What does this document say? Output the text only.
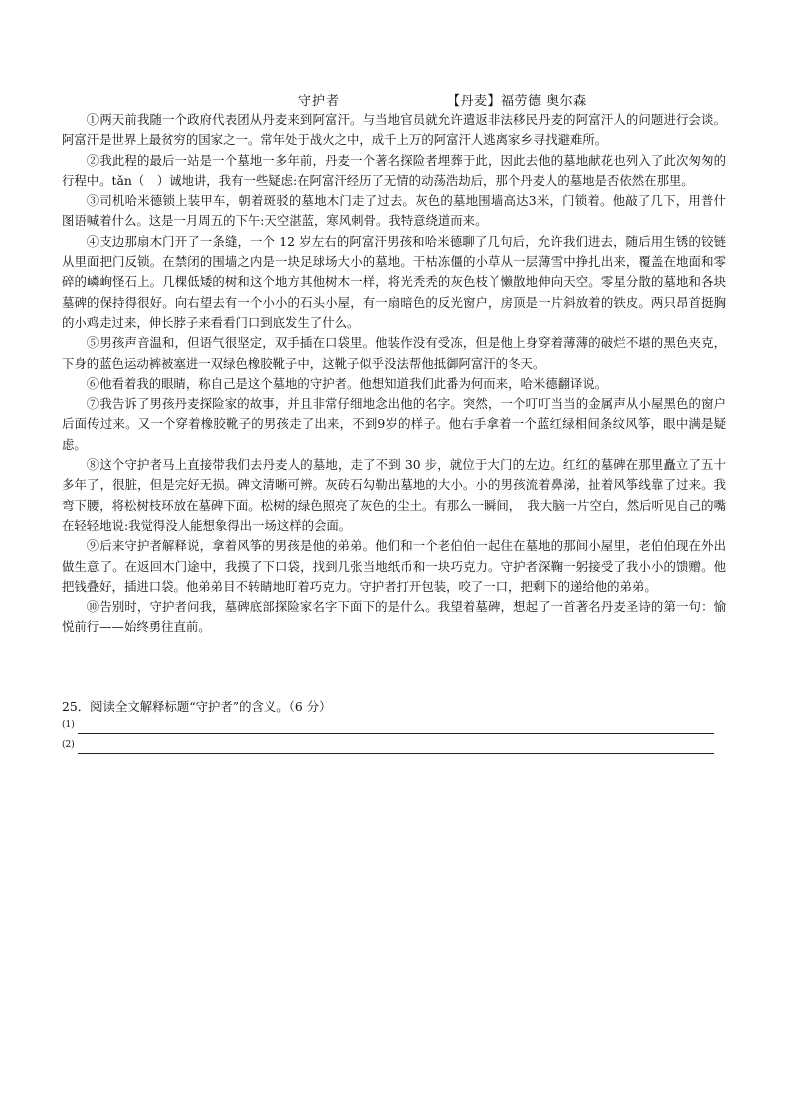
守护者	【丹麦】福劳德 奥尔森

①两天前我随一个政府代表团从丹麦来到阿富汗。与当地官员就允许遣返非法移民丹麦的阿富汗人的问题进行会谈。阿富汗是世界上最贫穷的国家之一。常年处于战火之中，成千上万的阿富汗人逃离家乡寻找避难所。

②我此程的最后一站是一个墓地一多年前，丹麦一个著名探险者埋葬于此，因此去他的墓地献花也列入了此次匆匆的行程中。tǎn（　）诚地讲，我有一些疑虑:在阿富汗经历了无情的动荡浩劫后，那个丹麦人的墓地是否依然在那里。

③司机哈米德锁上装甲车，朝着斑驳的墓地木门走了过去。灰色的墓地围墙高达3米，门锁着。他敲了几下，用普什图语喊着什么。这是一月周五的下午:天空湛蓝，寒风刺骨。我特意绕道而来。

④支边那扇木门开了一条缝，一个 12 岁左右的阿富汗男孩和哈米德聊了几句后，允许我们进去，随后用生锈的铰链从里面把门反锁。在禁闭的围墙之内是一块足球场大小的墓地。干枯冻僵的小草从一层薄雪中挣扎出来，覆盖在地面和零碎的嶙峋怪石上。几棵低矮的树和这个地方其他树木一样，将光秃秃的灰色枝丫懒散地伸向天空。零星分散的墓地和各块墓碑的保持得很好。向右望去有一个小小的石头小屋，有一扇暗色的反光窗户，房顶是一片斜放着的铁皮。两只昂首挺胸的小鸡走过来，伸长脖子来看看门口到底发生了什么。

⑤男孩声音温和，但语气很坚定，双手插在口袋里。他装作没有受冻，但是他上身穿着薄薄的破烂不堪的黑色夹克，下身的蓝色运动裤被塞进一双绿色橡胶靴子中，这靴子似乎没法帮他抵御阿富汗的冬天。

⑥他看着我的眼睛，称自己是这个墓地的守护者。他想知道我们此番为何而来，哈米德翻译说。

⑦我告诉了男孩丹麦探险家的故事，并且非常仔细地念出他的名字。突然，一个叮叮当当的金属声从小屋黑色的窗户后面传过来。又一个穿着橡胶靴子的男孩走了出来，不到9岁的样子。他右手拿着一个蓝红绿相间条纹风筝，眼中满是疑虑。

⑧这个守护者马上直接带我们去丹麦人的墓地，走了不到 30 步，就位于大门的左边。红红的墓碑在那里矗立了五十多年了，很脏，但是完好无损。碑文清晰可辨。灰砖石勾勒出墓地的大小。小的男孩流着鼻涕，扯着风筝线靠了过来。我弯下腰，将松树枝环放在墓碑下面。松树的绿色照亮了灰色的尘土。有那么一瞬间，　我大脑一片空白，然后听见自己的嘴在轻轻地说:我觉得没人能想象得出一场这样的会面。

⑨后来守护者解释说，拿着风筝的男孩是他的弟弟。他们和一个老伯伯一起住在墓地的那间小屋里，老伯伯现在外出做生意了。在返回木门途中，我摸了下口袋，找到几张当地纸币和一块巧克力。守护者深鞠一躬接受了我小小的馈赠。他把钱叠好，插进口袋。他弟弟目不转睛地盯着巧克力。守护者打开包装，咬了一口，把剩下的递给他的弟弟。

⑩告别时，守护者问我，墓碑底部探险家名字下面下的是什么。我望着墓碑，想起了一首著名丹麦圣诗的第一句：愉悦前行——始终勇往直前。

25．阅读全文解释标题“守护者”的含义。（6 分）
(1)
(2)
